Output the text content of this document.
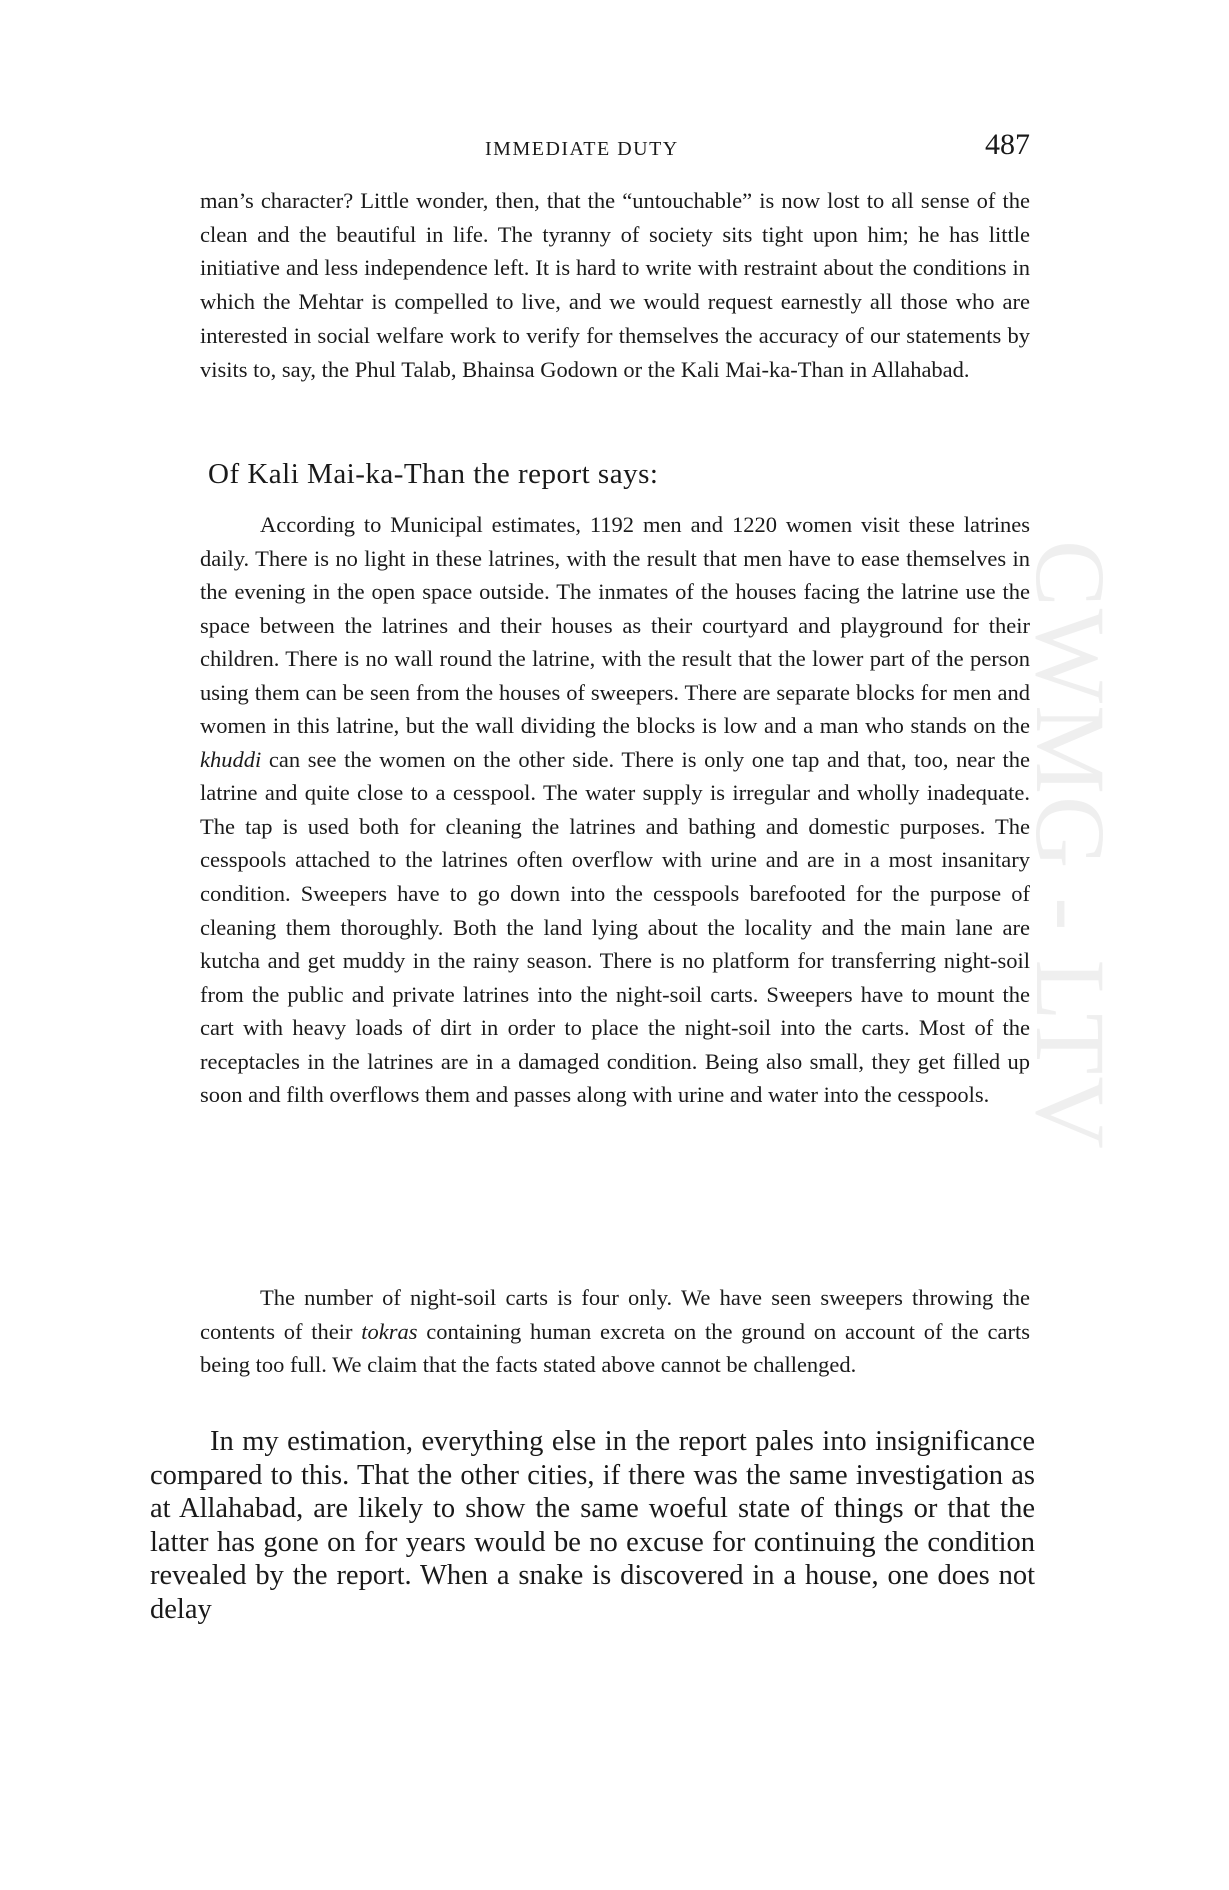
CWMG - LTV
IMMEDIATE DUTY	487

man’s character? Little wonder, then, that the “untouchable” is now lost to all sense of the clean and the beautiful in life. The tyranny of society sits tight upon him; he has little initiative and less independence left. It is hard to write with restraint about the conditions in which the Mehtar is compelled to live, and we would request earnestly all those who are interested in social welfare work to verify for themselves the accuracy of our statements by visits to, say, the Phul Talab, Bhainsa Godown or the Kali Mai-ka-Than in Allahabad.

Of Kali Mai-ka-Than the report says:

According to Municipal estimates, 1192 men and 1220 women visit these latrines daily. There is no light in these latrines, with the result that men have to ease themselves in the evening in the open space outside. The inmates of the houses facing the latrine use the space between the latrines and their houses as their courtyard and playground for their children. There is no wall round the latrine, with the result that the lower part of the person using them can be seen from the houses of sweepers. There are separate blocks for men and women in this latrine, but the wall dividing the blocks is low and a man who stands on the khuddi can see the women on the other side. There is only one tap and that, too, near the latrine and quite close to a cesspool. The water supply is irregular and wholly inadequate. The tap is used both for cleaning the latrines and bathing and domestic purposes. The cesspools attached to the latrines often overflow with urine and are in a most insanitary condition. Sweepers have to go down into the cesspools barefooted for the purpose of cleaning them thoroughly. Both the land lying about the locality and the main lane are kutcha and get muddy in the rainy season. There is no platform for transferring night-soil from the public and private latrines into the night-soil carts. Sweepers have to mount the cart with heavy loads of dirt in order to place the night-soil into the carts. Most of the receptacles in the latrines are in a damaged condition. Being also small, they get filled up soon and filth overflows them and passes along with urine and water into the cesspools.

The number of night-soil carts is four only. We have seen sweepers throwing the contents of their tokras containing human excreta on the ground on account of the carts being too full. We claim that the facts stated above cannot be challenged.

In my estimation, everything else in the report pales into insignificance compared to this. That the other cities, if there was the same investigation as at Allahabad, are likely to show the same woeful state of things or that the latter has gone on for years would be no excuse for continuing the condition revealed by the report. When a snake is discovered in a house, one does not delay
